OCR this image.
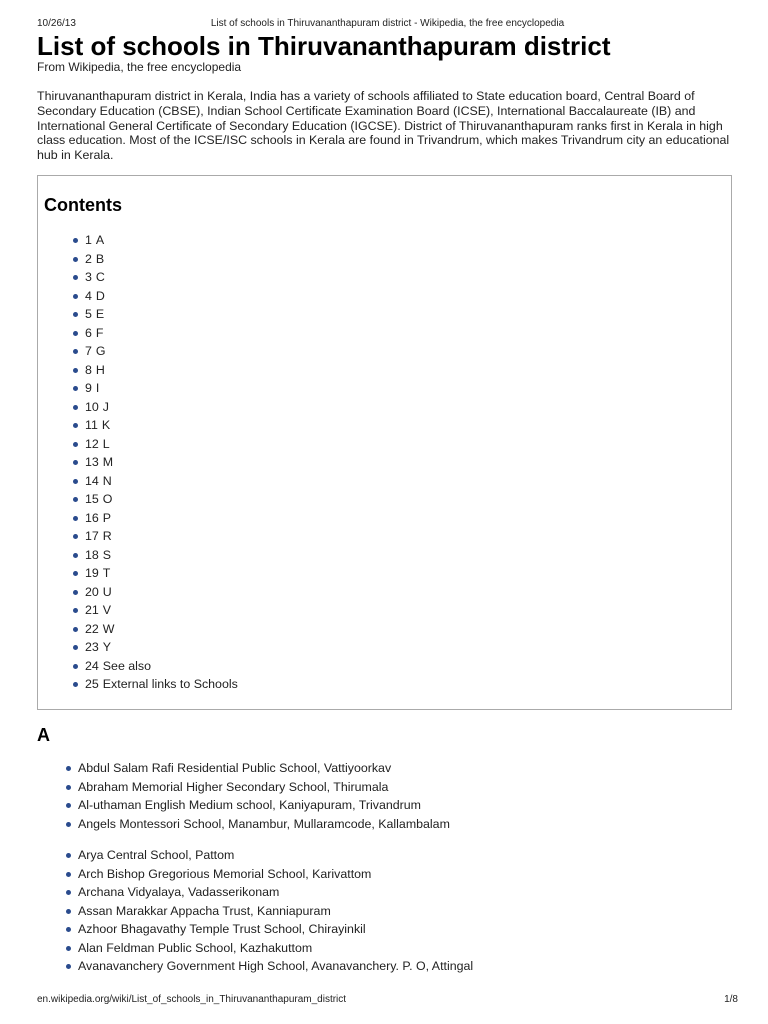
10/26/13	List of schools in Thiruvananthapuram district - Wikipedia, the free encyclopedia
List of schools in Thiruvananthapuram district
From Wikipedia, the free encyclopedia

Thiruvananthapuram district in Kerala, India has a variety of schools affiliated to State education board, Central Board of Secondary Education (CBSE), Indian School Certificate Examination Board (ICSE), International Baccalaureate (IB) and International General Certificate of Secondary Education (IGCSE). District of Thiruvananthapuram ranks first in Kerala in high class education. Most of the ICSE/ISC schools in Kerala are found in Trivandrum, which makes Trivandrum city an educational hub in Kerala.

Contents
1 A
2 B
3 C
4 D
5 E
6 F
7 G
8 H
9 I
10 J
11 K
12 L
13 M
14 N
15 O
16 P
17 R
18 S
19 T
20 U
21 V
22 W
23 Y
24 See also
25 External links to Schools
A
Abdul Salam Rafi Residential Public School, Vattiyoorkav
Abraham Memorial Higher Secondary School, Thirumala
Al-uthaman English Medium school, Kaniyapuram, Trivandrum
Angels Montessori School, Manambur, Mullaramcode, Kallambalam
Arya Central School, Pattom
Arch Bishop Gregorious Memorial School, Karivattom
Archana Vidyalaya, Vadasserikonam
Assan Marakkar Appacha Trust, Kanniapuram
Azhoor Bhagavathy Temple Trust School, Chirayinkil
Alan Feldman Public School, Kazhakuttom
Avanavanchery Government High School, Avanavanchery. P. O, Attingal
en.wikipedia.org/wiki/List_of_schools_in_Thiruvananthapuram_district	1/8
